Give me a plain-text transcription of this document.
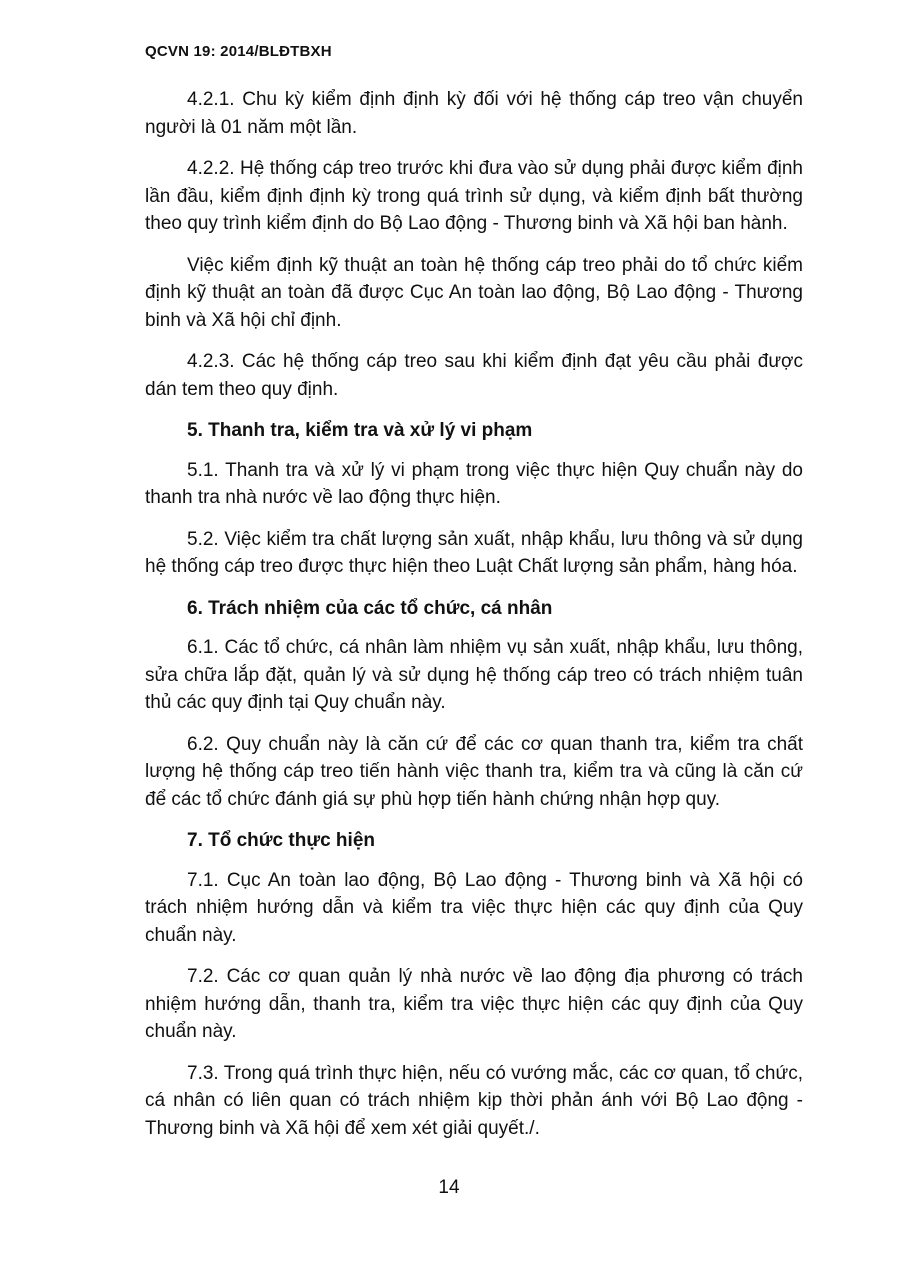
QCVN 19: 2014/BLĐTBXH

4.2.1. Chu kỳ kiểm định định kỳ đối với hệ thống cáp treo vận chuyển người là 01 năm một lần.

4.2.2. Hệ thống cáp treo trước khi đưa vào sử dụng phải được kiểm định lần đầu, kiểm định định kỳ trong quá trình sử dụng, và kiểm định bất thường theo quy trình kiểm định do Bộ Lao động - Thương binh và Xã hội ban hành.

Việc kiểm định kỹ thuật an toàn hệ thống cáp treo phải do tổ chức kiểm định kỹ thuật an toàn đã được Cục An toàn lao động, Bộ Lao động - Thương binh và Xã hội chỉ định.

4.2.3. Các hệ thống cáp treo sau khi kiểm định đạt yêu cầu phải được dán tem theo quy định.

5. Thanh tra, kiểm tra và xử lý vi phạm

5.1. Thanh tra và xử lý vi phạm trong việc thực hiện Quy chuẩn này do thanh tra nhà nước về lao động thực hiện.

5.2. Việc kiểm tra chất lượng sản xuất, nhập khẩu, lưu thông và sử dụng hệ thống cáp treo được thực hiện theo Luật Chất lượng sản phẩm, hàng hóa.

6. Trách nhiệm của các tổ chức, cá nhân

6.1. Các tổ chức, cá nhân làm nhiệm vụ sản xuất, nhập khẩu, lưu thông, sửa chữa lắp đặt, quản lý và sử dụng hệ thống cáp treo có trách nhiệm tuân thủ các quy định tại Quy chuẩn này.

6.2. Quy chuẩn này là căn cứ để các cơ quan thanh tra, kiểm tra chất lượng hệ thống cáp treo tiến hành việc thanh tra, kiểm tra và cũng là căn cứ để các tổ chức đánh giá sự phù hợp tiến hành chứng nhận hợp quy.

7. Tổ chức thực hiện

7.1. Cục An toàn lao động, Bộ Lao động - Thương binh và Xã hội có trách nhiệm hướng dẫn và kiểm tra việc thực hiện các quy định của Quy chuẩn này.

7.2. Các cơ quan quản lý nhà nước về lao động địa phương có trách nhiệm hướng dẫn, thanh tra, kiểm tra việc thực hiện các quy định của Quy chuẩn này.

7.3. Trong quá trình thực hiện, nếu có vướng mắc, các cơ quan, tổ chức, cá nhân có liên quan có trách nhiệm kịp thời phản ánh với Bộ Lao động - Thương binh và Xã hội để xem xét giải quyết./.

14
